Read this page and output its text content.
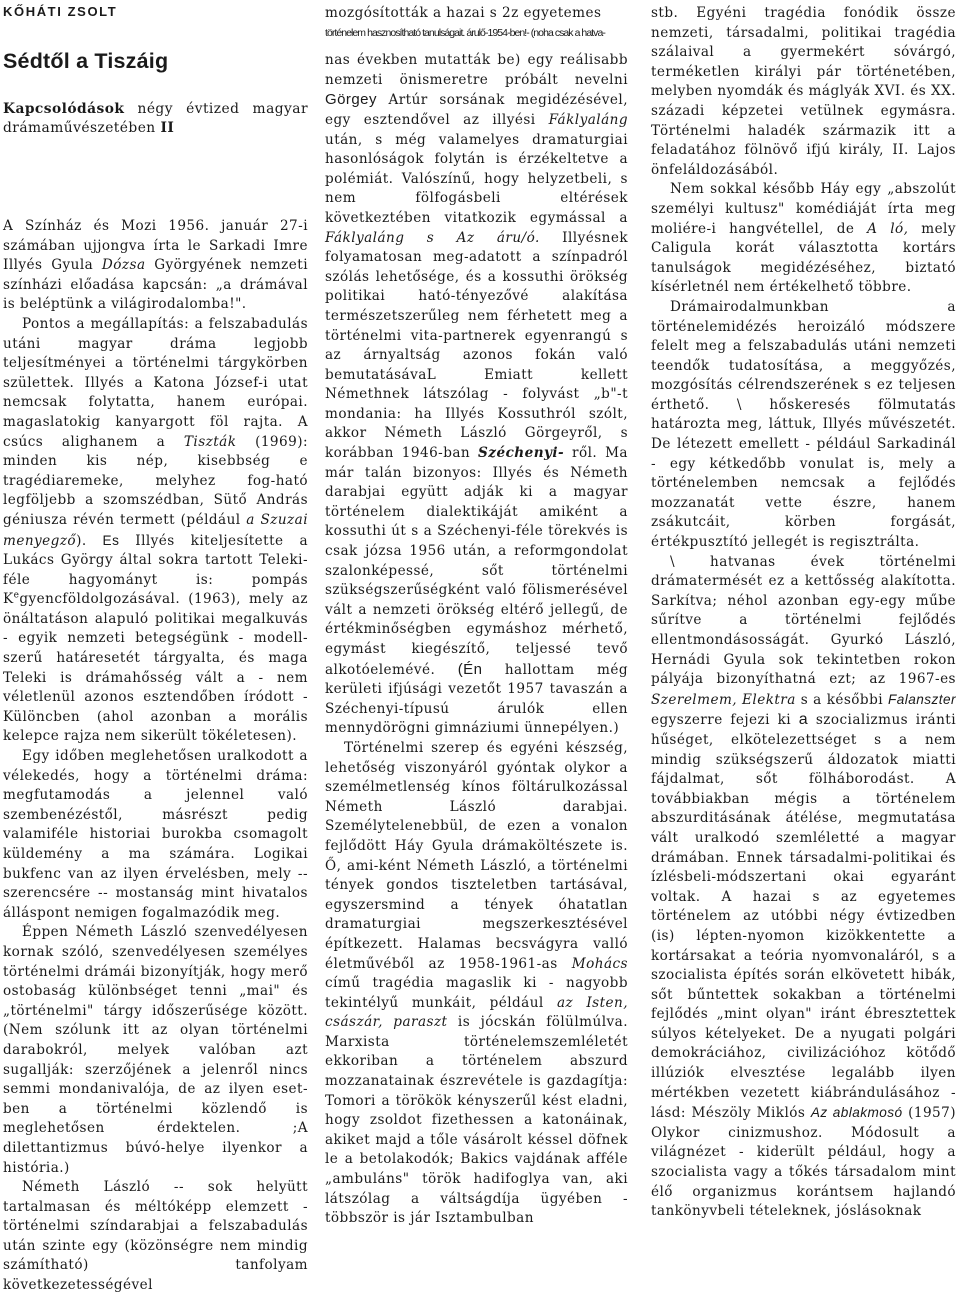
KŐHÁTI ZSOLT

Sédtől a Tiszáig

Kapcsolódások négy évtized magyar drámaművészetében II

A Színház és Mozi 1956. január 27-i számában ujjongva írta le Sarkadi Imre Illyés Gyula Dózsa Györgyének nemzeti színházi előadása kapcsán: „a drámával is beléptünk a világirodalomba!".

Pontos a megállapítás: a felszabadulás utáni magyar dráma legjobb teljesítményei a történelmi tárgykörben születtek. Illyés a Katona József-i utat nemcsak folytatta, hanem európai. magaslatokig kanyargott föl rajta. A csúcs alighanem a Tiszták (1969): minden kis nép, kisebbség e tragédiaremeke, melyhez fog-ható legföljebb a szomszédban, Sütő András géniusza révén termett (például a Szuzai menyegző). Es Illyés kiteljesítette a Lukács György által sokra tartott Teleki-féle hagyományt is: pompás $K^egyencföldolgozásával$. (1963), mely az önáltatáson alapuló politikai megalkuvás - egyik nemzeti betegségünk - modell-szerű határesetét tárgyalta, és maga Teleki is drámahősség vált a - nem véletlenül azonos esztendőben íródott - Különcben (ahol azonban a morális kelepce rajza nem sikerült tökéletesen).

Egy időben meglehetősen uralkodott a vélekedés, hogy a történelmi dráma: megfutamodás a jelennel való szembenézéstől, másrészt pedig valamiféle historiai burokba csomagolt küldemény a ma számára. Logikai bukfenc van az ilyen érvelésben, mely -- szerencsére -- mostanság mint hivatalos álláspont nemigen fogalmazódik meg.

Éppen Németh László szenvedélyesen kornak szóló, szenvedélyesen személyes történelmi drámái bizonyítják, hogy merő ostobaság különbséget tenni „mai" és „történelmi" tárgy időszerűsége között. (Nem szólunk itt az olyan történelmi darabokról, melyek valóban azt sugallják: szerzőjének a jelenről nincs semmi mondanivalója, de az ilyen eset-ben a történelmi közlendő is meglehetősen érdektelen. ;A dilettantizmus búvó-helye ilyenkor a história.)

Németh László -- sok helyütt tartalmasan és méltóképp elemzett - történelmi színdarabjai a felszabadulás után szinte egy (közönségre nem mindig számítható) tanfolyam következetességével

mozgósították a hazai s 2z egyetemes

történelem hasznosítható tanulságait. árulő-1954-ben!- (noha csak a hatva-

nas években mutatták be) egy reálisabb nemzeti önismeretre próbált nevelni Görgey Artúr sorsának megidézésével, egy esztendővel az illyési Fáklyaláng után, s még valamelyes dramaturgiai hasonlóságok folytán is érzékeltetve a polémiát. Valószínű, hogy helyzetbeli, s nem fölfogásbeli eltérések következtében vitatkozik egymással a Fáklyaláng s Az áru/ó. Illyésnek folyamatosan meg-adatott a színpadról szólás lehetősége, és a kossuthi örökség politikai ható-tényezővé alakítása természetszerűleg nem férhetett meg a történelmi vita-partnerek egyenrangú s az árnyaltság azonos fokán való bemutatásávaL Emiatt kellett Némethnek látszólag - folyvást „b"-t mondania: ha Illyés Kossuthról szólt, akkor Németh László Görgeyről, s korábban 1946-ban Széchenyi- ről. Ma már talán bizonyos: Illyés és Németh darabjai együtt adják ki a magyar történelem dialektikáját amiként a kossuthi út s a Széchenyi-féle törekvés is csak józsa 1956 után, a reformgondolat szalonképessé, sőt történelmi szükségszerűségként való fölismerésével vált a nemzeti örökség eltérő jellegű, de értékminőségben egymáshoz mérhető, egymást kiegészítő, teljessé tevő alkotóelemévé. (Én hallottam még kerületi ifjúsági vezetőt 1957 tavaszán a Széchenyi-típusú árulók ellen mennydörögni gimnáziumi ünnepélyen.)

Történelmi szerep és egyéni készség, lehetőség viszonyáról gyóntak olykor a személmetlenség kínos föltárulkozással Németh László darabjai. Személytelenebbül, de ezen a vonalon fejlődött Háy Gyula drámaköltészete is. Ő, ami-ként Németh László, a történelmi tények gondos tiszteletben tartásával, egyszersmind a tények óhatatlan dramaturgiai megszerkesztésével építkezett. Halamas becsvágyra valló életművéből az 1958-1961-as Mohács című tragédia magaslik ki - nagyobb tekintélyű munkáit, például az Isten, császár, paraszt is jócskán fölülmúlva. Marxista történelemszemléletét ekkoriban a történelem abszurd mozzanatainak észrevétele is gazdagítja: Tomori a törökök kényszerűl kést eladni, hogy zsoldot fizethessen a katonáinak, akiket majd a tőle vásárolt késsel döfnek le a betolakodók; Bakics vajdának afféle „ambuláns" török hadifoglya van, aki látszólag a váltságdíja ügyében - többször is jár Isztambulban

stb. Egyéni tragédia fonódik össze nemzeti, társadalmi, politikai tragédia szálaival a gyermekért sóvárgó, terméketlen királyi pár történetében, melyben nyomdák és máglyák XVI. és XX. századi képzetei vetülnek egymásra. Történelmi haladék származik itt a feladatához fölnövő ifjú király, II. Lajos önfeláldozásából.

Nem sokkal később Háy egy „abszolút személyi kultusz" komédiáját írta meg moliére-i hangvétellel, de A ló, mely Caligula korát választotta kortárs tanulságok megidézéséhez, biztató kísérletnél nem értékelhető többre.

Drámairodalmunkban a történelemidézés heroizáló módszere felelt meg a felszabadulás utáni nemzeti teendők tudatosítása, a meggyőzés, mozgósítás célrendszerének s ez teljesen érthető. \ hőskeresés fölmutatás határozta meg, láttuk, Illyés művészetét. De létezett emellett - például Sarkadinál - egy kétkedőbb vonulat is, mely a történelemben nemcsak a fejlődés mozzanatát vette észre, hanem zsákutcáit, körben forgását, értékpusztító jellegét is regisztrálta.

\ hatvanas évek történelmi drámatermését ez a kettősség alakította. Sarkítva; néhol azonban egy-egy műbe sűrítve a történelmi fejlődés ellentmondásosságát. Gyurkó László, Hernádi Gyula sok tekintetben rokon pályája bizonyíthatná ezt; az 1967-es Szerelmem, Elektra s a későbbi Falanszter egyszerre fejezi ki a szocializmus iránti hűséget, elkötelezettséget s a nem mindig szükségszerű áldozatok miatti fájdalmat, sőt fölháborodást. A továbbiakban mégis a történelem abszurditásának átélése, megmutatása vált uralkodó szemléletté a magyar drámában. Ennek társadalmi-politikai és ízlésbeli-módszertani okai egyaránt voltak. A hazai s az egyetemes történelem az utóbbi négy évtizedben (is) lépten-nyomon kizökkentette a kortársakat a teória nyomvonaláról, s a szocialista építés során elkövetett hibák, sőt bűntettek sokakban a történelmi fejlődés „mint olyan" iránt ébresztettek súlyos kételyeket. De a nyugati polgári demokráciához, civilizációhoz kötődő illúziók elvesztése legalább ilyen mértékben vezetett kiábrándulásához - lásd: Mészöly Miklós Az ablakmosó (1957) Olykor cinizmushoz. Módosult a világnézet - kiderült például, hogy a szocialista vagy a tőkés társadalom mint élő organizmus korántsem hajlandó tankönyvbeli tételeknek, jóslásoknak
